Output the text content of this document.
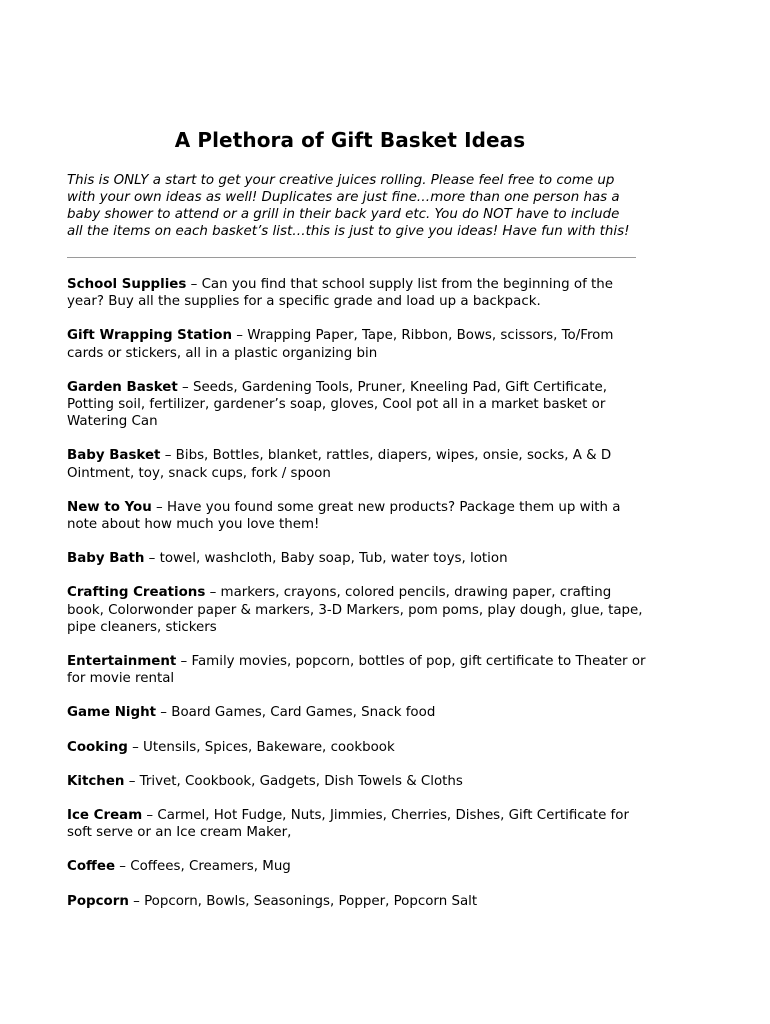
A Plethora of Gift Basket Ideas

This is ONLY a start to get your creative juices rolling. Please feel free to come up
with your own ideas as well! Duplicates are just fine…more than one person has a
baby shower to attend or a grill in their back yard etc. You do NOT have to include
all the items on each basket’s list…this is just to give you ideas! Have fun with this!

School Supplies – Can you find that school supply list from the beginning of the year? Buy all the supplies for a specific grade and load up a backpack.
Gift Wrapping Station – Wrapping Paper, Tape, Ribbon, Bows, scissors, To/From cards or stickers, all in a plastic organizing bin
Garden Basket – Seeds, Gardening Tools, Pruner, Kneeling Pad, Gift Certificate, Potting soil, fertilizer, gardener’s soap, gloves, Cool pot all in a market basket or Watering Can
Baby Basket – Bibs, Bottles, blanket, rattles, diapers, wipes, onsie, socks, A & D Ointment, toy, snack cups, fork / spoon
New to You – Have you found some great new products? Package them up with a note about how much you love them!
Baby Bath – towel, washcloth, Baby soap, Tub, water toys, lotion
Crafting Creations – markers, crayons, colored pencils, drawing paper, crafting book, Colorwonder paper & markers, 3-D Markers, pom poms, play dough, glue, tape, pipe cleaners, stickers
Entertainment – Family movies, popcorn, bottles of pop, gift certificate to Theater or for movie rental
Game Night – Board Games, Card Games, Snack food
Cooking – Utensils, Spices, Bakeware, cookbook
Kitchen – Trivet, Cookbook, Gadgets, Dish Towels & Cloths
Ice Cream – Carmel, Hot Fudge, Nuts, Jimmies, Cherries, Dishes, Gift Certificate for soft serve or an Ice cream Maker,
Coffee – Coffees, Creamers, Mug
Popcorn – Popcorn, Bowls, Seasonings, Popper, Popcorn Salt
